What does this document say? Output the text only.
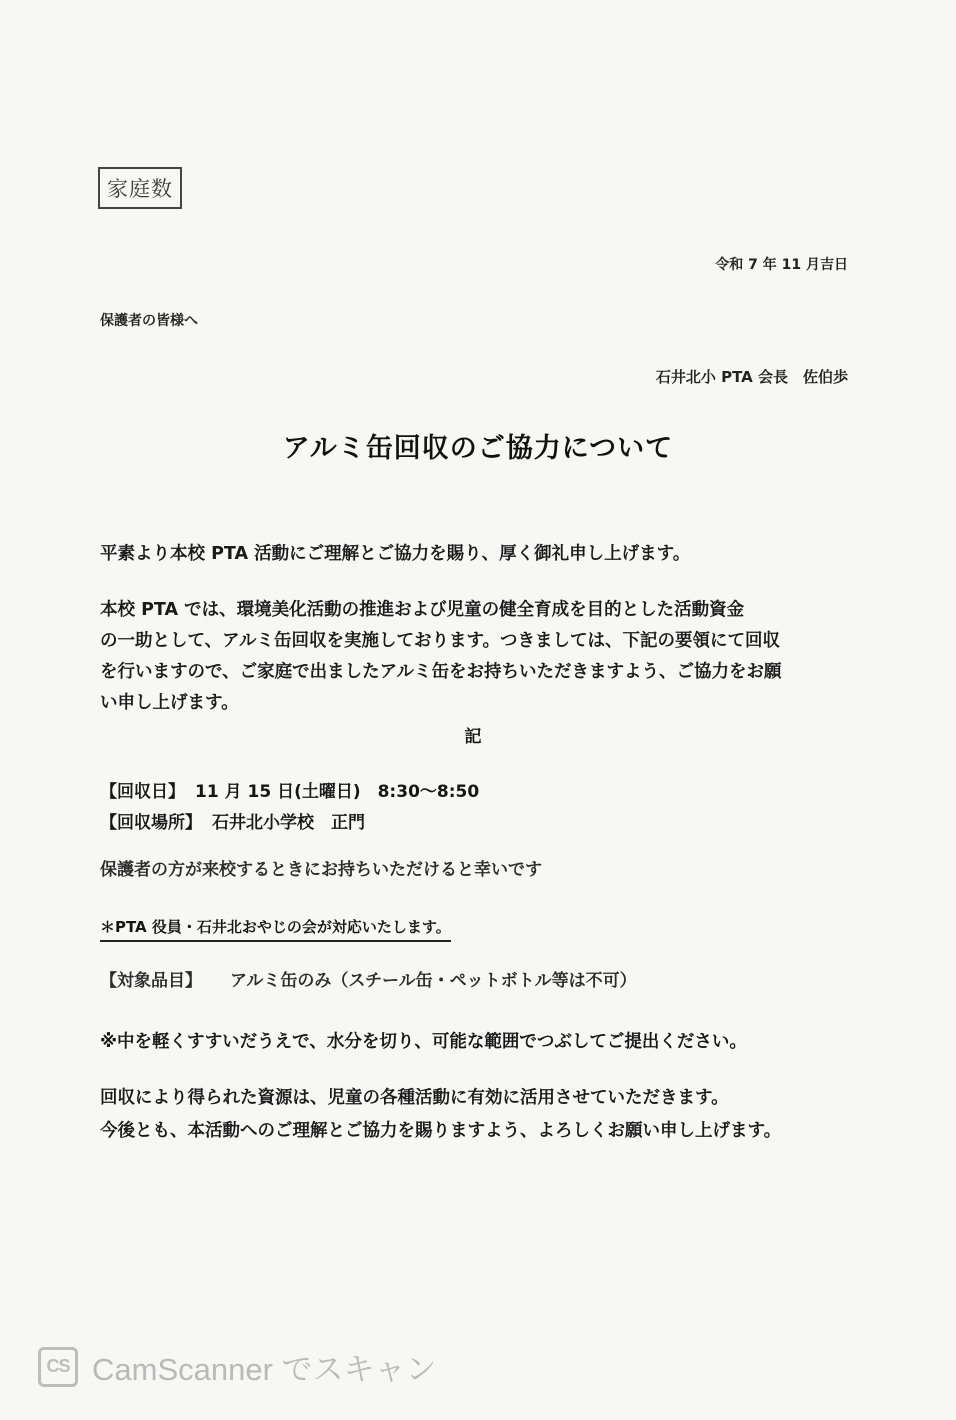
家庭数
令和 7 年 11 月吉日
保護者の皆様へ
石井北小 PTA 会長　佐伯歩
アルミ缶回収のご協力について
平素より本校 PTA 活動にご理解とご協力を賜り、厚く御礼申し上げます。
本校 PTA では、環境美化活動の推進および児童の健全育成を目的とした活動資金
の一助として、アルミ缶回収を実施しております。つきましては、下記の要領にて回収
を行いますので、ご家庭で出ましたアルミ缶をお持ちいただきますよう、ご協力をお願
い申し上げます。
記
【回収日】 11 月 15 日(土曜日)　8:30〜8:50
【回収場所】 石井北小学校　正門
保護者の方が来校するときにお持ちいただけると幸いです
＊PTA 役員・石井北おやじの会が対応いたします。
【対象品目】 アルミ缶のみ（スチール缶・ペットボトル等は不可）
※中を軽くすすいだうえで、水分を切り、可能な範囲でつぶしてご提出ください。
回収により得られた資源は、児童の各種活動に有効に活用させていただきます。
今後とも、本活動へのご理解とご協力を賜りますよう、よろしくお願い申し上げます。
CS CamScanner でスキャン
